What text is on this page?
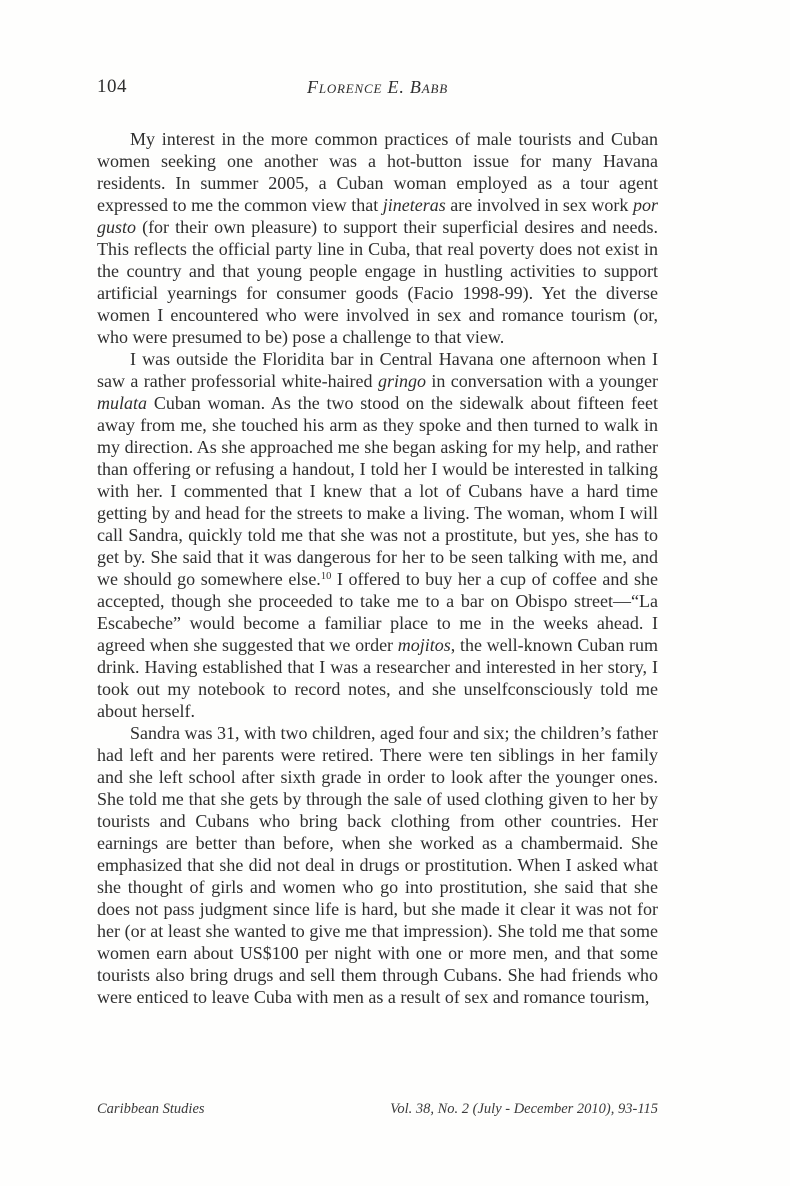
104	Florence E. Babb

My interest in the more common practices of male tourists and Cuban women seeking one another was a hot-button issue for many Havana residents. In summer 2005, a Cuban woman employed as a tour agent expressed to me the common view that jineteras are involved in sex work por gusto (for their own pleasure) to support their superficial desires and needs. This reflects the official party line in Cuba, that real poverty does not exist in the country and that young people engage in hustling activities to support artificial yearnings for consumer goods (Facio 1998-99). Yet the diverse women I encountered who were involved in sex and romance tourism (or, who were presumed to be) pose a challenge to that view.

I was outside the Floridita bar in Central Havana one afternoon when I saw a rather professorial white-haired gringo in conversation with a younger mulata Cuban woman. As the two stood on the sidewalk about fifteen feet away from me, she touched his arm as they spoke and then turned to walk in my direction. As she approached me she began asking for my help, and rather than offering or refusing a handout, I told her I would be interested in talking with her. I commented that I knew that a lot of Cubans have a hard time getting by and head for the streets to make a living. The woman, whom I will call Sandra, quickly told me that she was not a prostitute, but yes, she has to get by. She said that it was dangerous for her to be seen talking with me, and we should go somewhere else.$^{10}$ I offered to buy her a cup of coffee and she accepted, though she proceeded to take me to a bar on Obispo street—“La Escabeche” would become a familiar place to me in the weeks ahead. I agreed when she suggested that we order mojitos, the well-known Cuban rum drink. Having established that I was a researcher and interested in her story, I took out my notebook to record notes, and she unselfconsciously told me about herself.

Sandra was 31, with two children, aged four and six; the children’s father had left and her parents were retired. There were ten siblings in her family and she left school after sixth grade in order to look after the younger ones. She told me that she gets by through the sale of used clothing given to her by tourists and Cubans who bring back clothing from other countries. Her earnings are better than before, when she worked as a chambermaid. She emphasized that she did not deal in drugs or prostitution. When I asked what she thought of girls and women who go into prostitution, she said that she does not pass judgment since life is hard, but she made it clear it was not for her (or at least she wanted to give me that impression). She told me that some women earn about US$100 per night with one or more men, and that some tourists also bring drugs and sell them through Cubans. She had friends who were enticed to leave Cuba with men as a result of sex and romance tourism,

Caribbean Studies	Vol. 38, No. 2 (July - December 2010), 93-115
